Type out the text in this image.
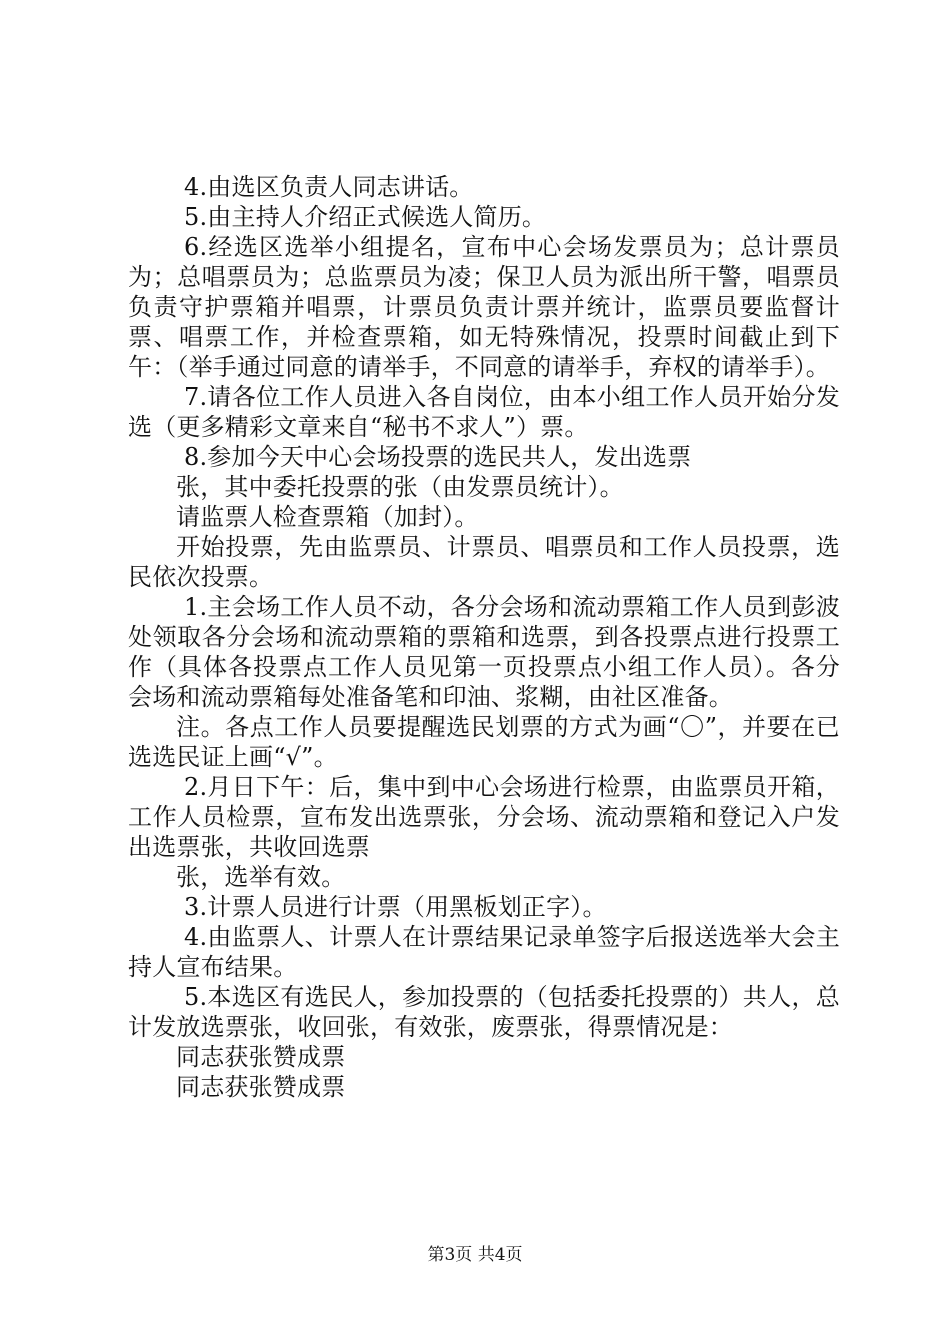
4.由选区负责人同志讲话。

5.由主持人介绍正式候选人简历。

6.经选区选举小组提名，宣布中心会场发票员为；总计票员为；总唱票员为；总监票员为凌；保卫人员为派出所干警，唱票员负责守护票箱并唱票，计票员负责计票并统计，监票员要监督计票、唱票工作，并检查票箱，如无特殊情况，投票时间截止到下午：（举手通过同意的请举手，不同意的请举手，弃权的请举手）。

7.请各位工作人员进入各自岗位，由本小组工作人员开始分发选（更多精彩文章来自“秘书不求人”）票。

8.参加今天中心会场投票的选民共人，发出选票

张，其中委托投票的张（由发票员统计）。

请监票人检查票箱（加封）。

开始投票，先由监票员、计票员、唱票员和工作人员投票，选民依次投票。

1.主会场工作人员不动，各分会场和流动票箱工作人员到彭波处领取各分会场和流动票箱的票箱和选票，到各投票点进行投票工作（具体各投票点工作人员见第一页投票点小组工作人员）。各分会场和流动票箱每处准备笔和印油、浆糊，由社区准备。

注。各点工作人员要提醒选民划票的方式为画“〇”，并要在已选选民证上画“√”。

2.月日下午：后，集中到中心会场进行检票，由监票员开箱，工作人员检票，宣布发出选票张，分会场、流动票箱和登记入户发出选票张，共收回选票

张，选举有效。

3.计票人员进行计票（用黑板划正字）。

4.由监票人、计票人在计票结果记录单签字后报送选举大会主持人宣布结果。

5.本选区有选民人，参加投票的（包括委托投票的）共人，总计发放选票张，收回张，有效张，废票张，得票情况是：

同志获张赞成票

同志获张赞成票

第3页 共4页
